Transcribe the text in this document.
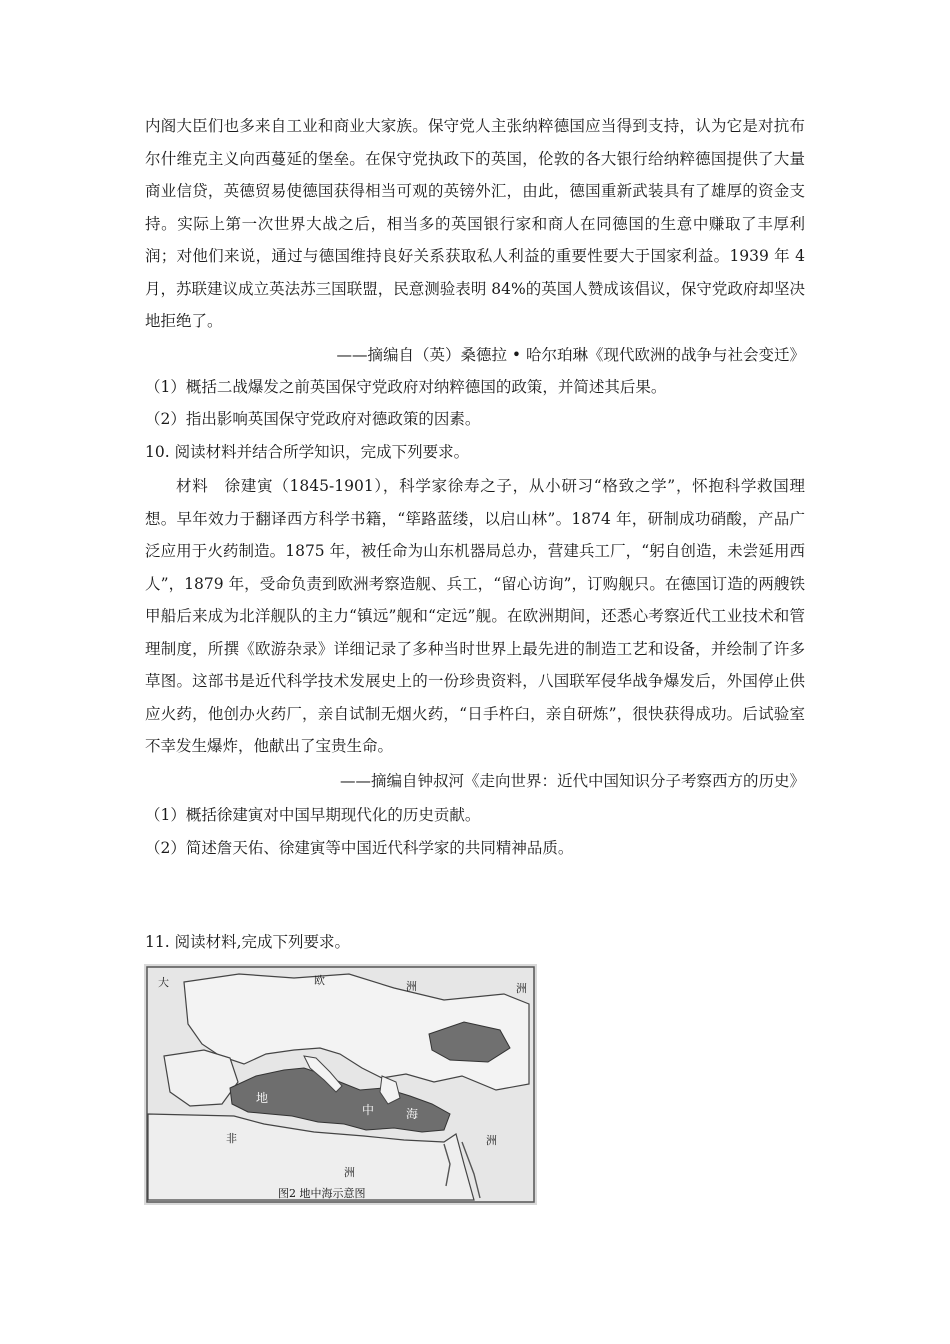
内阁大臣们也多来自工业和商业大家族。保守党人主张纳粹德国应当得到支持，认为它是对抗布尔什维克主义向西蔓延的堡垒。在保守党执政下的英国，伦敦的各大银行给纳粹德国提供了大量商业信贷，英德贸易使德国获得相当可观的英镑外汇，由此，德国重新武装具有了雄厚的资金支持。实际上第一次世界大战之后，相当多的英国银行家和商人在同德国的生意中赚取了丰厚利润；对他们来说，通过与德国维持良好关系获取私人利益的重要性要大于国家利益。1939 年 4 月，苏联建议成立英法苏三国联盟，民意测验表明 84%的英国人赞成该倡议，保守党政府却坚决地拒绝了。

——摘编自（英）桑德拉 • 哈尔珀琳《现代欧洲的战争与社会变迁》
（1）概括二战爆发之前英国保守党政府对纳粹德国的政策，并简述其后果。
（2）指出影响英国保守党政府对德政策的因素。
10. 阅读材料并结合所学知识，完成下列要求。

材料　徐建寅（1845-1901），科学家徐寿之子，从小研习“格致之学”，怀抱科学救国理想。早年效力于翻译西方科学书籍，“筚路蓝缕，以启山林”。1874 年，研制成功硝酸，产品广泛应用于火药制造。1875 年，被任命为山东机器局总办，营建兵工厂，“躬自创造，未尝延用西人”，1879 年，受命负责到欧洲考察造舰、兵工，“留心访询”，订购舰只。在德国订造的两艘铁甲船后来成为北洋舰队的主力“镇远”舰和“定远”舰。在欧洲期间，还悉心考察近代工业技术和管理制度，所撰《欧游杂录》详细记录了多种当时世界上最先进的制造工艺和设备，并绘制了许多草图。这部书是近代科学技术发展史上的一份珍贵资料，八国联军侵华战争爆发后，外国停止供应火药，他创办火药厂，亲自试制无烟火药，“日手杵臼，亲自研炼”，很快获得成功。后试验室不幸发生爆炸，他献出了宝贵生命。

——摘编自钟叔河《走向世界：近代中国知识分子考察西方的历史》
（1）概括徐建寅对中国早期现代化的历史贡献。
（2）简述詹天佑、徐建寅等中国近代科学家的共同精神品质。
11. 阅读材料,完成下列要求。
大	欧	洲	洲
地
中	海
非	洲
洲
图2 地中海示意图
